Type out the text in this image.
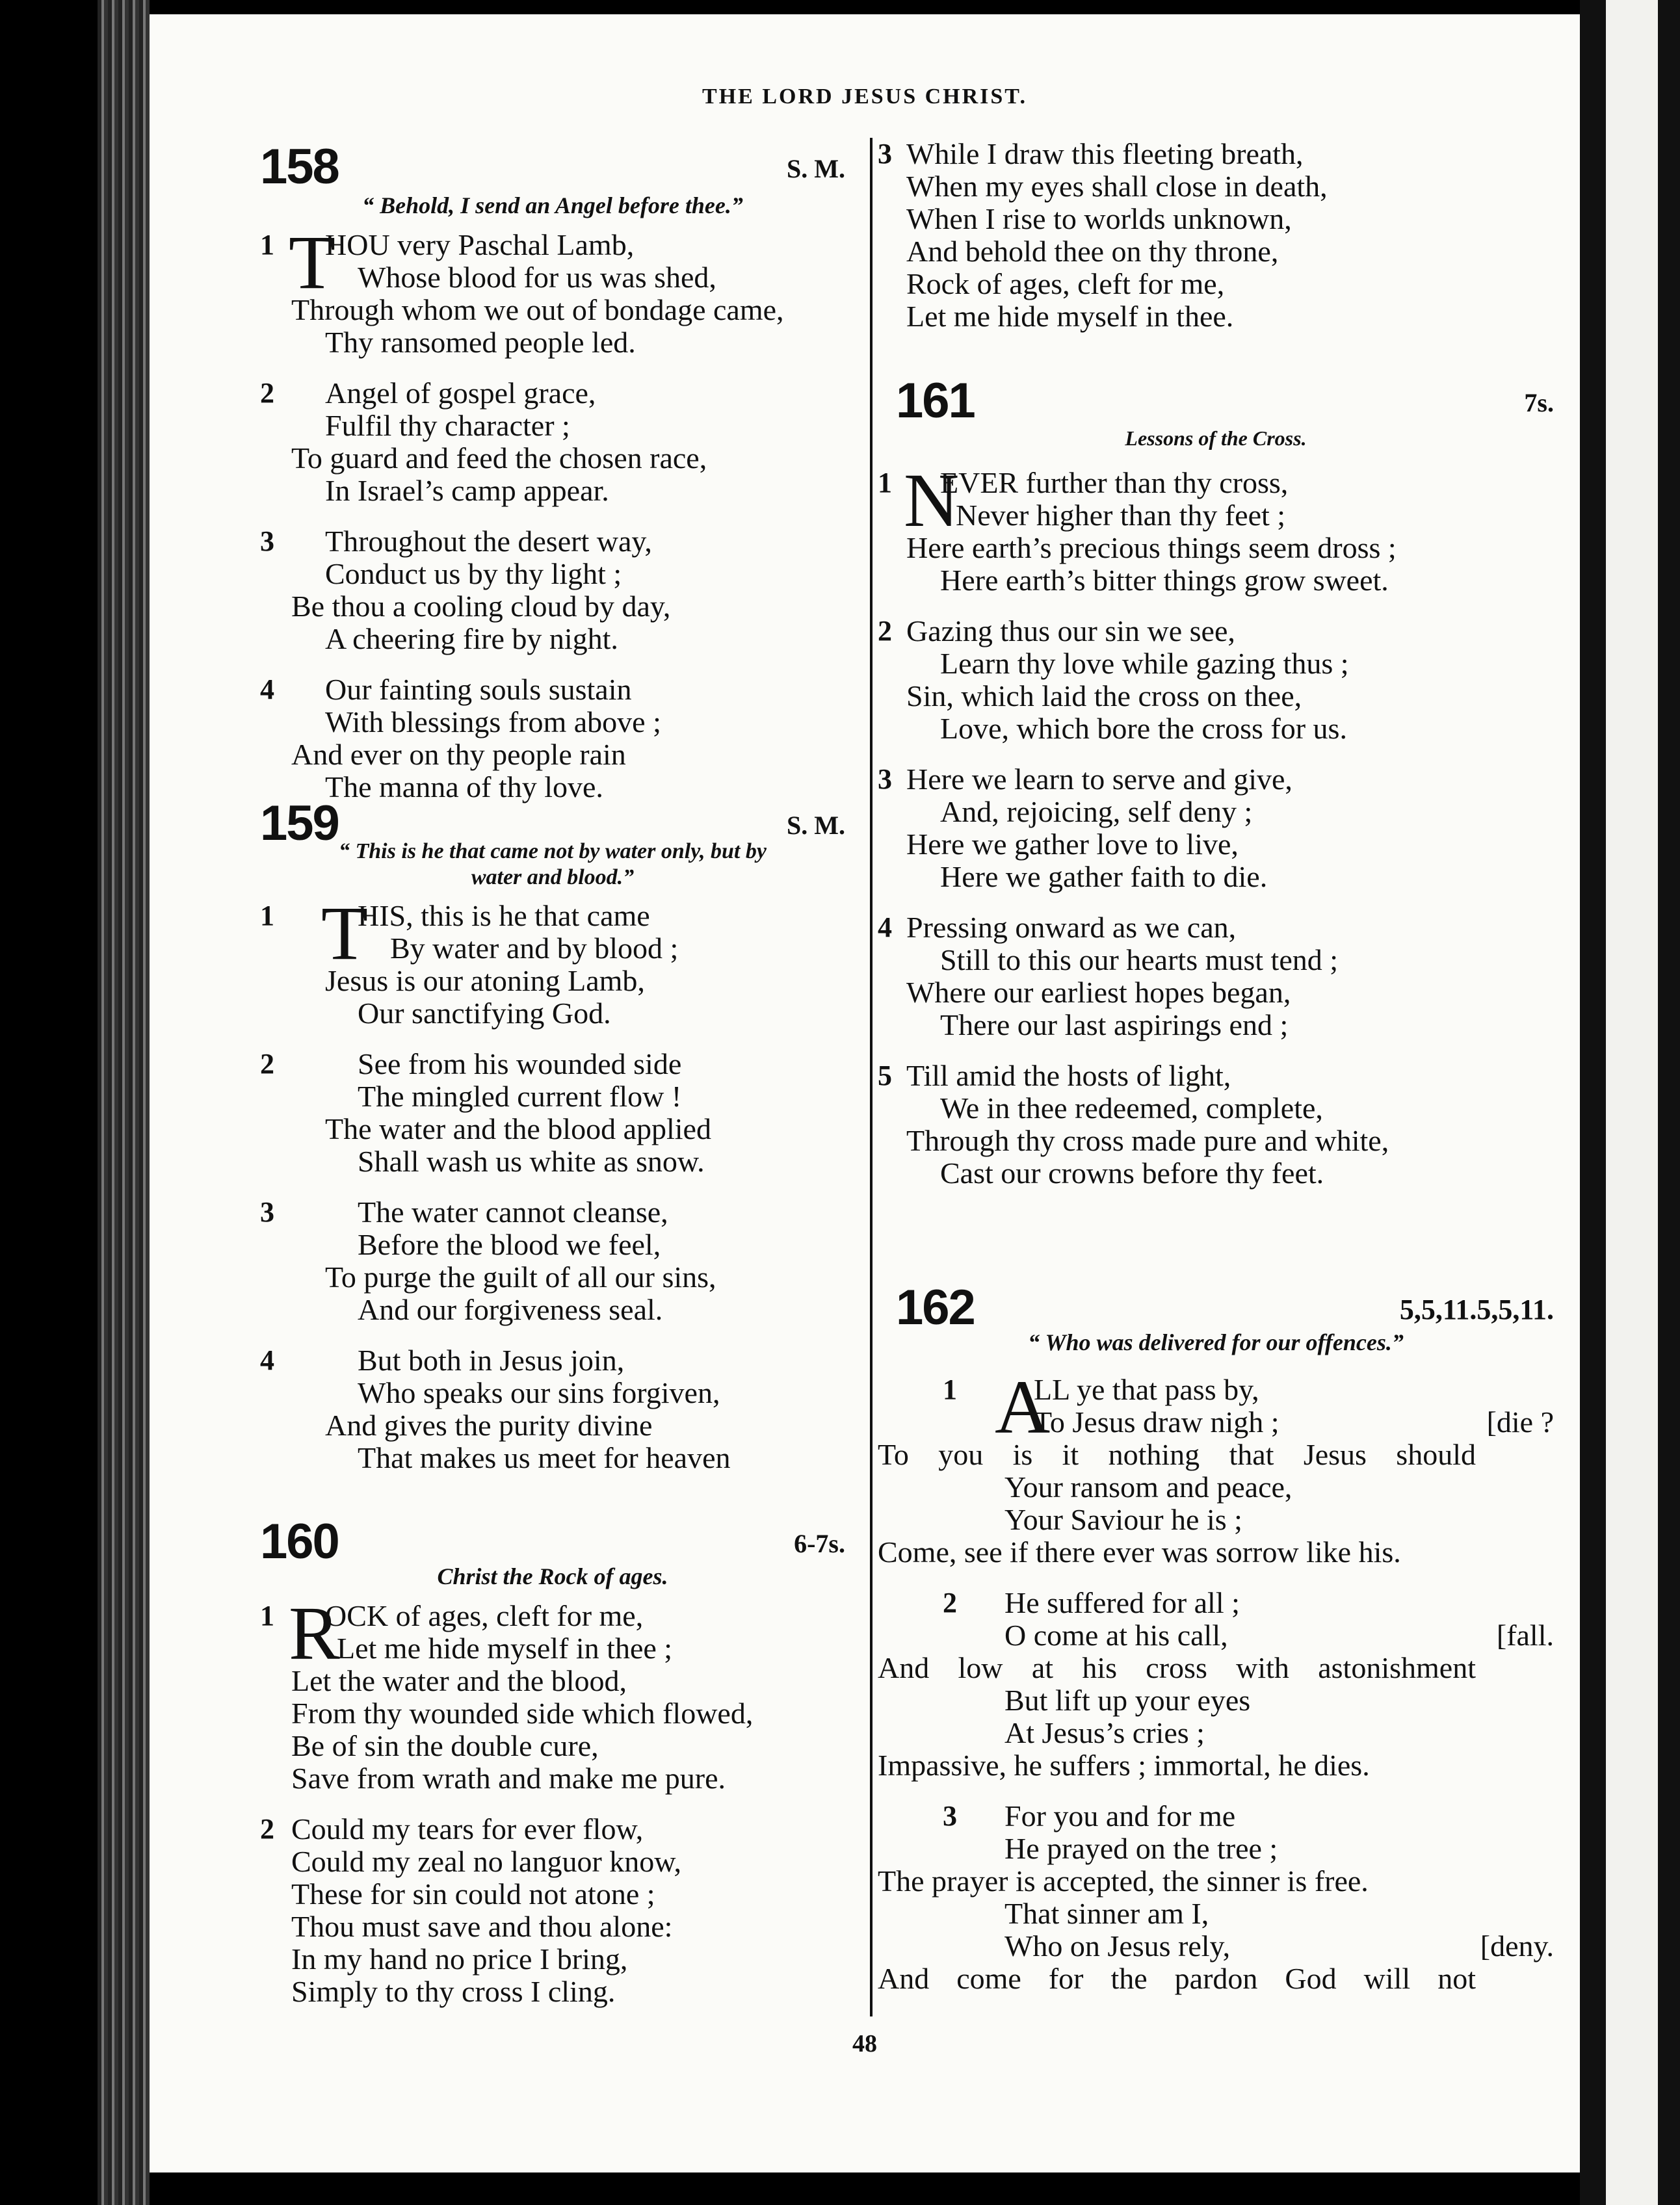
THE LORD JESUS CHRIST.
158	S. M.
“ Behold, I send an Angel before thee.”
1 T
HOU very Paschal Lamb,
Whose blood for us was shed,
Through whom we out of bondage came,
Thy ransomed people led.
2	Angel of gospel grace,
Fulfil thy character ;
To guard and feed the chosen race,
In Israel’s camp appear.
3	Throughout the desert way,
Conduct us by thy light ;
Be thou a cooling cloud by day,
A cheering fire by night.
4	Our fainting souls sustain
With blessings from above ;
And ever on thy people rain
The manna of thy love.
159	S. M.
“ This is he that came not by water only, but by
water and blood.”
1 T
HIS, this is he that came
By water and by blood ;
Jesus is our atoning Lamb,
Our sanctifying God.
2	See from his wounded side
The mingled current flow !
The water and the blood applied
Shall wash us white as snow.
3	The water cannot cleanse,
Before the blood we feel,
To purge the guilt of all our sins,
And our forgiveness seal.
4	But both in Jesus join,
Who speaks our sins forgiven,
And gives the purity divine
That makes us meet for heaven
160	6-7s.
Christ the Rock of ages.
1 R
OCK of ages, cleft for me,
Let me hide myself in thee ;
Let the water and the blood,
From thy wounded side which flowed,
Be of sin the double cure,
Save from wrath and make me pure.
2 Could my tears for ever flow,
Could my zeal no languor know,
These for sin could not atone ;
Thou must save and thou alone:
In my hand no price I bring,
Simply to thy cross I cling.
3 While I draw this fleeting breath,
When my eyes shall close in death,
When I rise to worlds unknown,
And behold thee on thy throne,
Rock of ages, cleft for me,
Let me hide myself in thee.
161	7s.
Lessons of the Cross.
1 N
EVER further than thy cross,
Never higher than thy feet ;
Here earth’s precious things seem dross ;
Here earth’s bitter things grow sweet.
2 Gazing thus our sin we see,
Learn thy love while gazing thus ;
Sin, which laid the cross on thee,
Love, which bore the cross for us.
3 Here we learn to serve and give,
And, rejoicing, self deny ;
Here we gather love to live,
Here we gather faith to die.
4 Pressing onward as we can,
Still to this our hearts must tend ;
Where our earliest hopes began,
There our last aspirings end ;
5 Till amid the hosts of light,
We in thee redeemed, complete,
Through thy cross made pure and white,
Cast our crowns before thy feet.
162	5,5,11.5,5,11.
“ Who was delivered for our offences.”
1 A
LL ye that pass by,
To Jesus draw nigh ;	[die ?
To you is it nothing that Jesus should
Your ransom and peace,
Your Saviour he is ;
Come, see if there ever was sorrow like his.
2	He suffered for all ;
O come at his call,	[fall.
And low at his cross with astonishment
But lift up your eyes
At Jesus’s cries ;
Impassive, he suffers ; immortal, he dies.
3	For you and for me
He prayed on the tree ;
The prayer is accepted, the sinner is free.
That sinner am I,
Who on Jesus rely,	[deny.
And come for the pardon God will not
48
